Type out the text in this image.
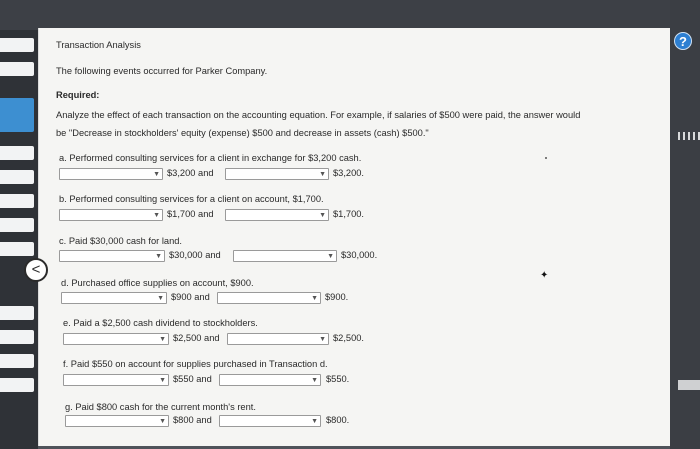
?
<
Transaction Analysis
The following events occurred for Parker Company.
Required:
Analyze the effect of each transaction on the accounting equation. For example, if salaries of $500 were paid, the answer would
be "Decrease in stockholders' equity (expense) $500 and decrease in assets (cash) $500."
a. Performed consulting services for a client in exchange for $3,200 cash.
▼ $3,200 and	▼ $3,200.
b. Performed consulting services for a client on account, $1,700.
▼ $1,700 and	▼ $1,700.
c. Paid $30,000 cash for land.
▼ $30,000 and	▼ $30,000.
d. Purchased office supplies on account, $900.
▼ $900 and	▼ $900.
e. Paid a $2,500 cash dividend to stockholders.
▼ $2,500 and	▼ $2,500.
f. Paid $550 on account for supplies purchased in Transaction d.
▼ $550 and	▼ $550.
g. Paid $800 cash for the current month's rent.
▼ $800 and	▼ $800.
✦
